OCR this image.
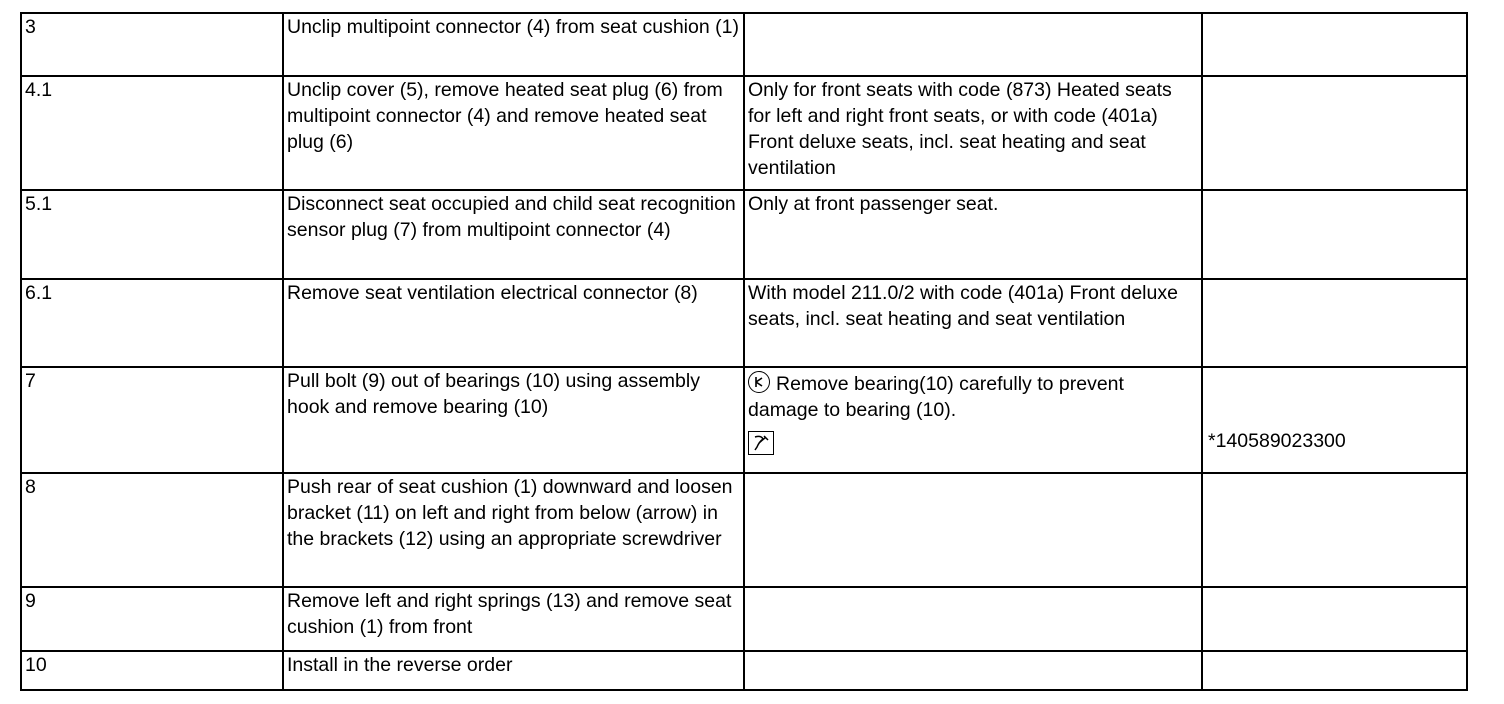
3	Unclip multipoint connector (4) from seat cushion (1)		
4.1	Unclip cover (5), remove heated seat plug (6) from multipoint connector (4) and remove heated seat plug (6)	Only for front seats with code (873) Heated seats for left and right front seats, or with code (401a) Front deluxe seats, incl. seat heating and seat ventilation	
5.1	Disconnect seat occupied and child seat recognition sensor plug (7) from multipoint connector (4)	Only at front passenger seat.	
6.1	Remove seat ventilation electrical connector (8)	With model 211.0/2 with code (401a) Front deluxe seats, incl. seat heating and seat ventilation	
7	Pull bolt (9) out of bearings (10) using assembly hook and remove bearing (10)	Remove bearing(10) carefully to prevent damage to bearing (10).	*140589023300

8	Push rear of seat cushion (1) downward and loosen bracket (11) on left and right from below (arrow) in the brackets (12) using an appropriate screwdriver		
9	Remove left and right springs (13) and remove seat cushion (1) from front		
10	Install in the reverse order		
